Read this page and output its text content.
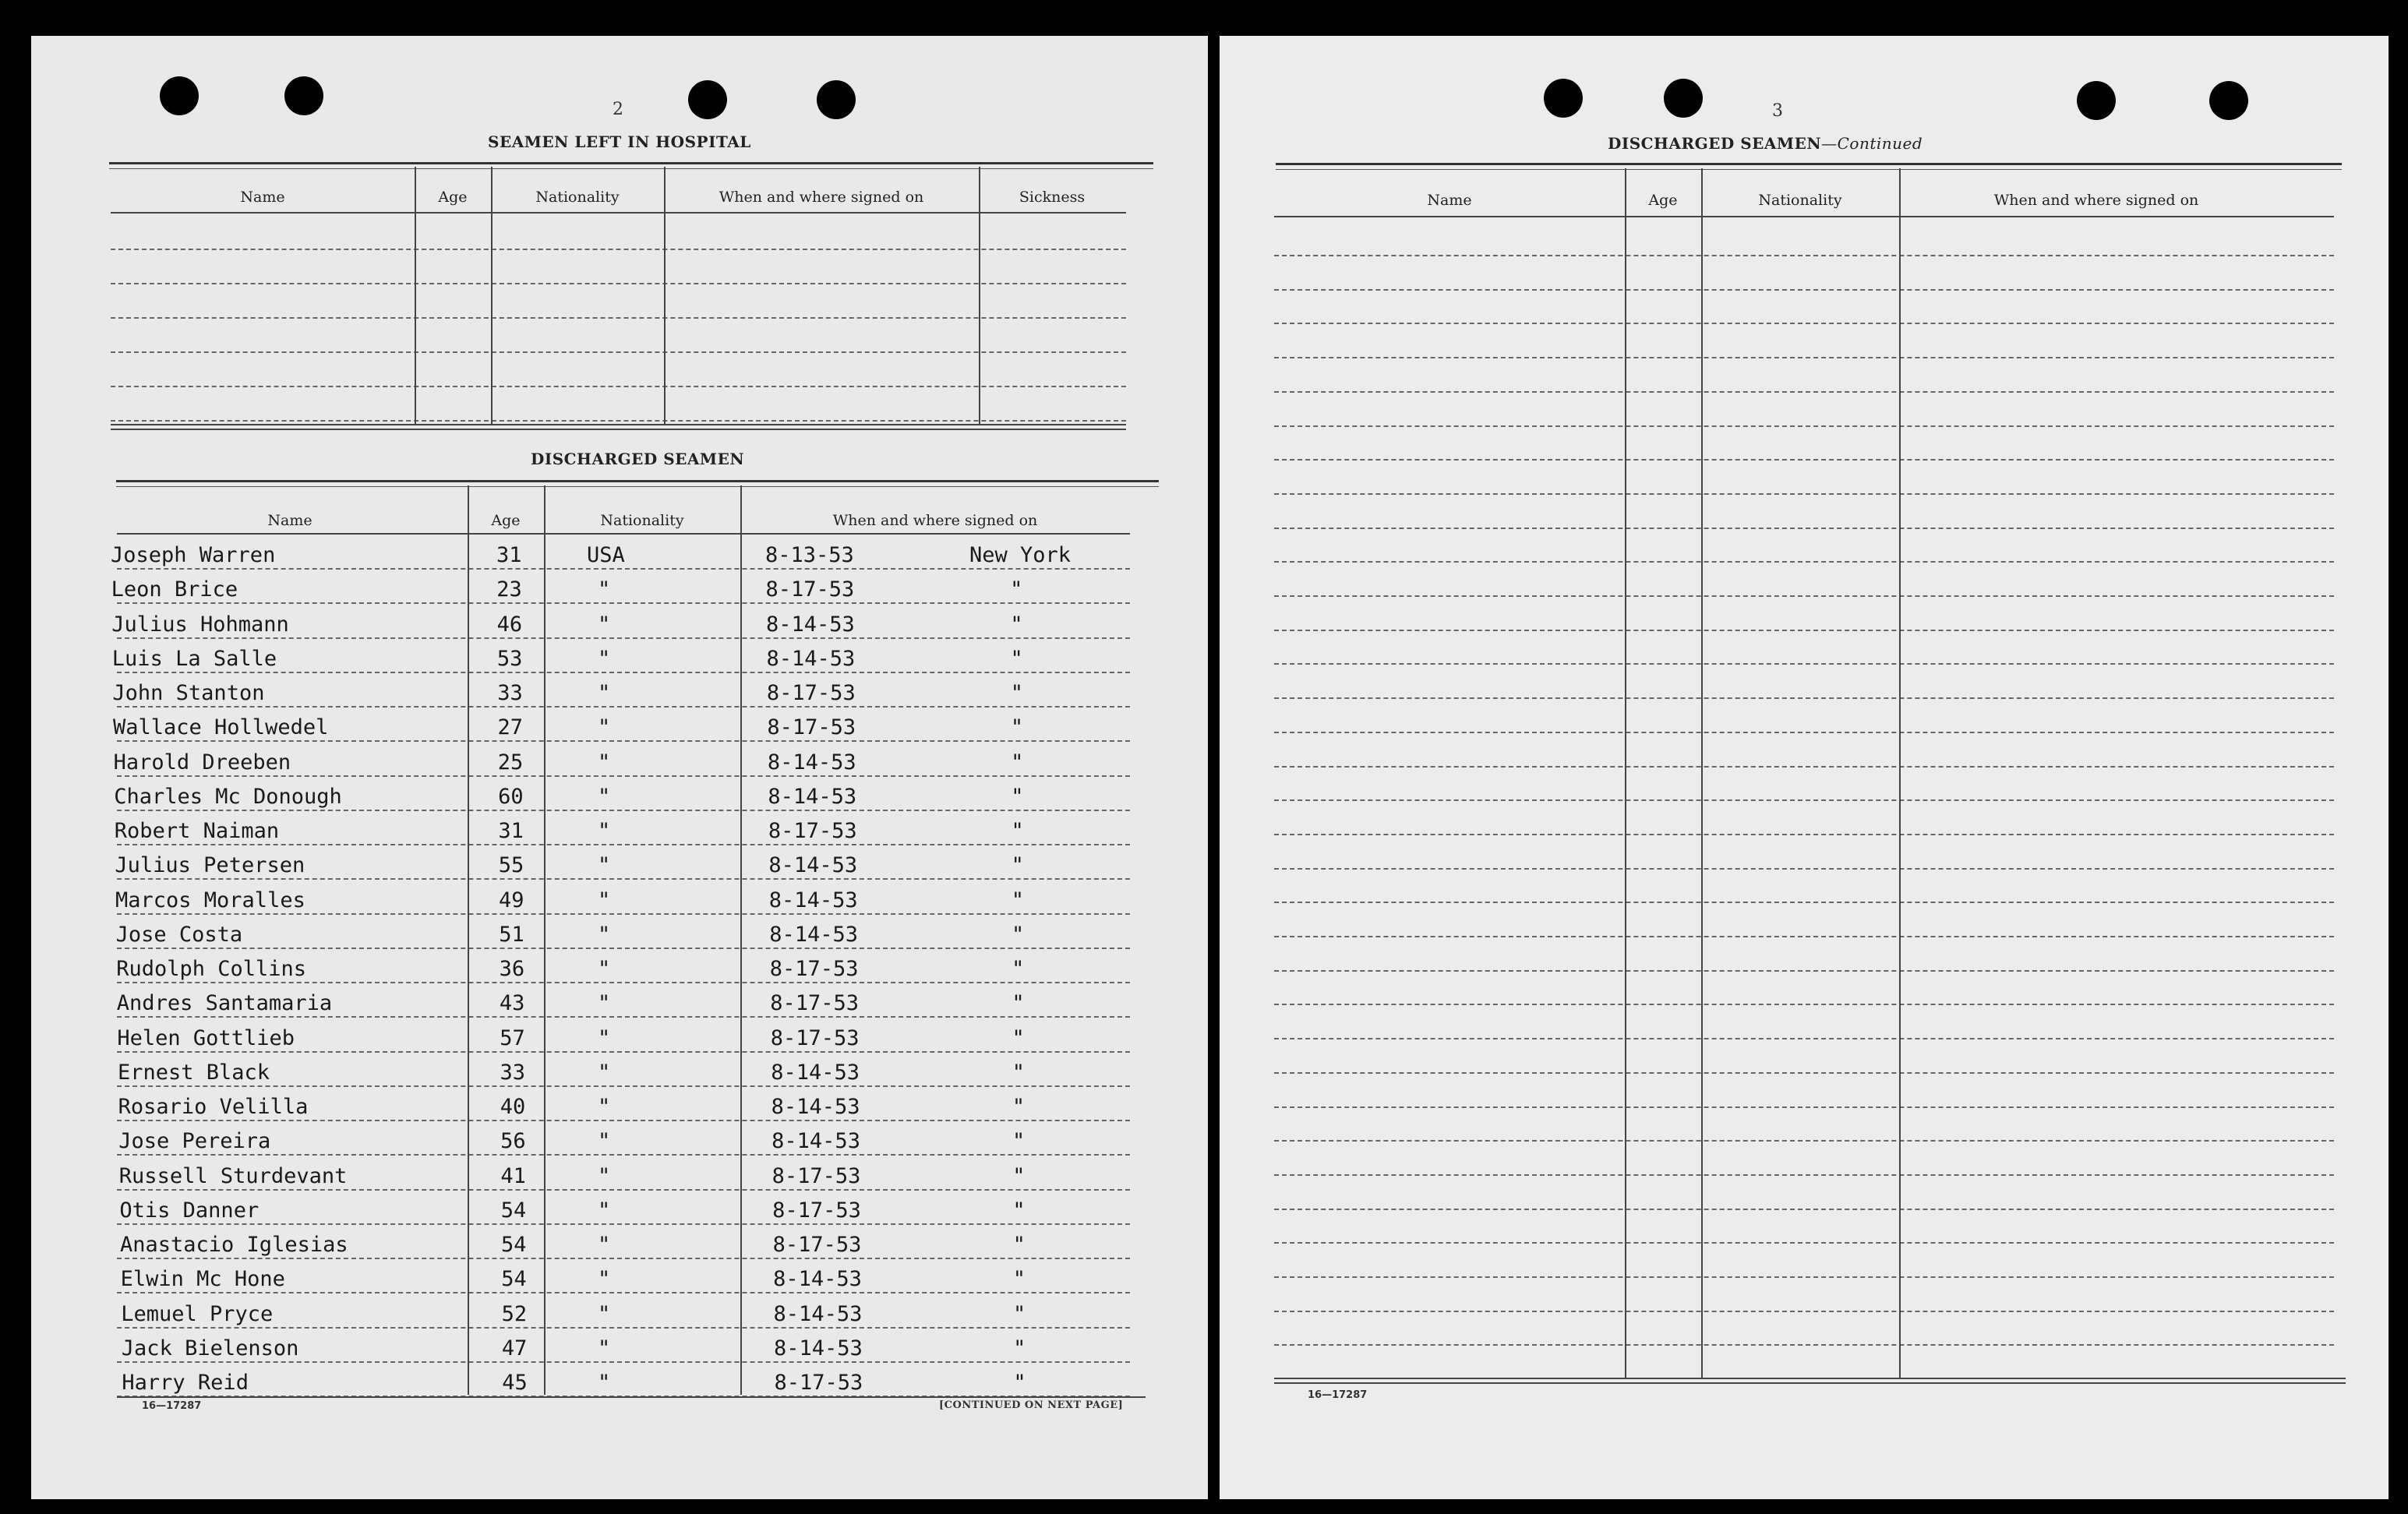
2
SEAMEN LEFT IN HOSPITAL
Name	Age	Nationality	When and where signed on	Sickness
DISCHARGED SEAMEN
Name	Age	Nationality	When and where signed on
Joseph Warren	31	USA	8-13-53	New York
Leon Brice	23	"	8-17-53	"
Julius Hohmann	46	"	8-14-53	"
Luis La Salle	53	"	8-14-53	"
John Stanton	33	"	8-17-53	"
Wallace Hollwedel	27	"	8-17-53	"
Harold Dreeben	25	"	8-14-53	"
Charles Mc Donough	60	"	8-14-53	"
Robert Naiman	31	"	8-17-53	"
Julius Petersen	55	"	8-14-53	"
Marcos Moralles	49	"	8-14-53	"
Jose Costa	51	"	8-14-53	"
Rudolph Collins	36	"	8-17-53	"
Andres Santamaria	43	"	8-17-53	"
Helen Gottlieb	57	"	8-17-53	"
Ernest Black	33	"	8-14-53	"
Rosario Velilla	40	"	8-14-53	"
Jose Pereira	56	"	8-14-53	"
Russell Sturdevant	41	"	8-17-53	"
Otis Danner	54	"	8-17-53	"
Anastacio Iglesias	54	"	8-17-53	"
Elwin Mc Hone	54	"	8-14-53	"
Lemuel Pryce	52	"	8-14-53	"
Jack Bielenson	47	"	8-14-53	"
Harry Reid	45	"	8-17-53	"
16—17287	[CONTINUED ON NEXT PAGE]
3
DISCHARGED SEAMEN—Continued
Name	Age	Nationality	When and where signed on
16—17287
